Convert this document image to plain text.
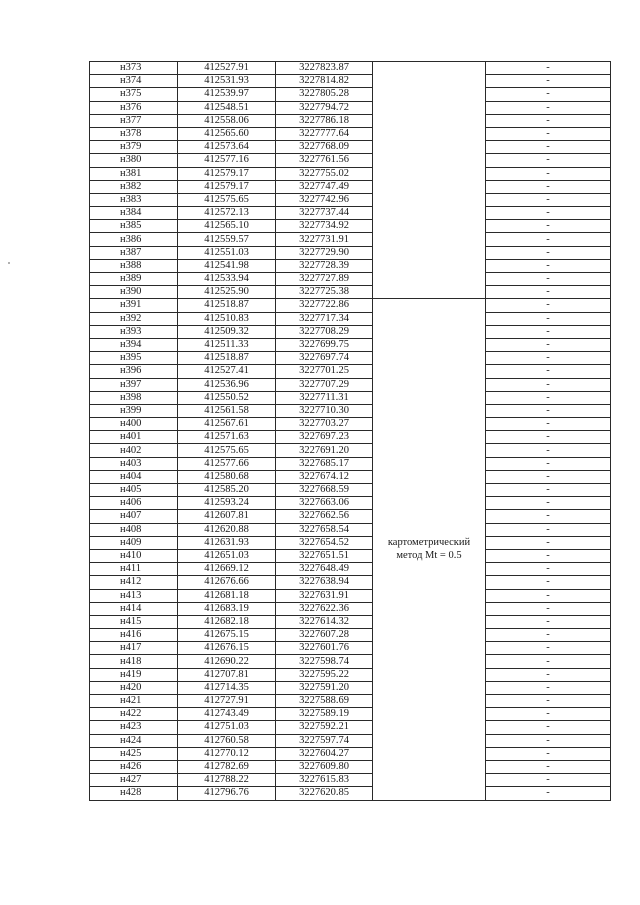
н373	412527.91	3227823.87		-
н374	412531.93	3227814.82		-
н375	412539.97	3227805.28		-
н376	412548.51	3227794.72		-
н377	412558.06	3227786.18		-
н378	412565.60	3227777.64		-
н379	412573.64	3227768.09		-
н380	412577.16	3227761.56		-
н381	412579.17	3227755.02		-
н382	412579.17	3227747.49		-
н383	412575.65	3227742.96		-
н384	412572.13	3227737.44		-
н385	412565.10	3227734.92		-
н386	412559.57	3227731.91		-
н387	412551.03	3227729.90		-
н388	412541.98	3227728.39		-
н389	412533.94	3227727.89		-
н390	412525.90	3227725.38		-
н391	412518.87	3227722.86	картометрический
метод Mt = 0.5	-
н392	412510.83	3227717.34		-
н393	412509.32	3227708.29		-
н394	412511.33	3227699.75		-
н395	412518.87	3227697.74		-
н396	412527.41	3227701.25		-
н397	412536.96	3227707.29		-
н398	412550.52	3227711.31		-
н399	412561.58	3227710.30		-
н400	412567.61	3227703.27		-
н401	412571.63	3227697.23		-
н402	412575.65	3227691.20		-
н403	412577.66	3227685.17		-
н404	412580.68	3227674.12		-
н405	412585.20	3227668.59		-
н406	412593.24	3227663.06		-
н407	412607.81	3227662.56		-
н408	412620.88	3227658.54		-
н409	412631.93	3227654.52		-
н410	412651.03	3227651.51		-
н411	412669.12	3227648.49		-
н412	412676.66	3227638.94		-
н413	412681.18	3227631.91		-
н414	412683.19	3227622.36		-
н415	412682.18	3227614.32		-
н416	412675.15	3227607.28		-
н417	412676.15	3227601.76		-
н418	412690.22	3227598.74		-
н419	412707.81	3227595.22		-
н420	412714.35	3227591.20		-
н421	412727.91	3227588.69		-
н422	412743.49	3227589.19		-
н423	412751.03	3227592.21		-
н424	412760.58	3227597.74		-
н425	412770.12	3227604.27		-
н426	412782.69	3227609.80		-
н427	412788.22	3227615.83		-
н428	412796.76	3227620.85		-
